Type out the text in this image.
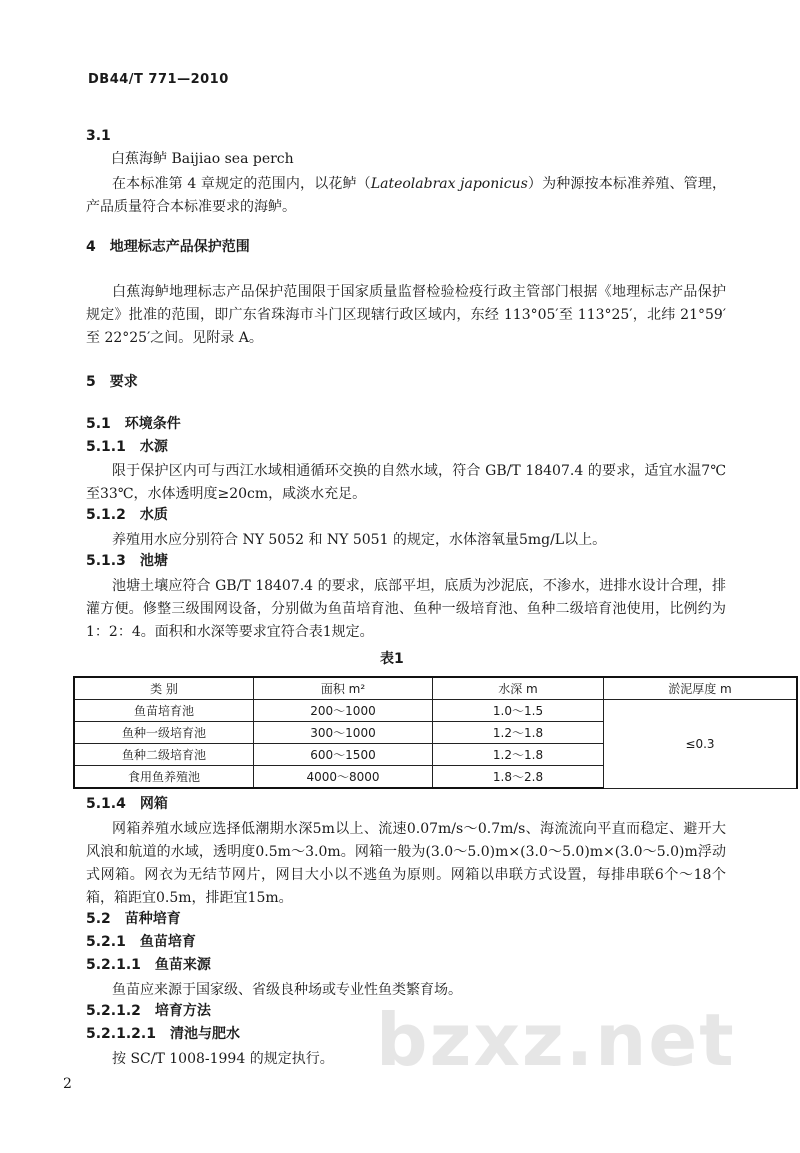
DB44/T 771—2010
3.1
白蕉海鲈 Baijiao sea perch
在本标准第 4 章规定的范围内，以花鲈（Lateolabrax japonicus）为种源按本标准养殖、管理，产品质量符合本标准要求的海鲈。
4　地理标志产品保护范围
白蕉海鲈地理标志产品保护范围限于国家质量监督检验检疫行政主管部门根据《地理标志产品保护规定》批准的范围，即广东省珠海市斗门区现辖行政区域内，东经 113°05′至 113°25′，北纬 21°59′至 22°25′之间。见附录 A。
5　要求
5.1　环境条件
5.1.1　水源
限于保护区内可与西江水域相通循环交换的自然水域，符合 GB/T 18407.4 的要求，适宜水温7℃至33℃，水体透明度≥20cm，咸淡水充足。
5.1.2　水质
养殖用水应分别符合 NY 5052 和 NY 5051 的规定，水体溶氧量5mg/L以上。
5.1.3　池塘
池塘土壤应符合 GB/T 18407.4 的要求，底部平坦，底质为沙泥底，不渗水，进排水设计合理，排灌方便。修整三级围网设备，分别做为鱼苗培育池、鱼种一级培育池、鱼种二级培育池使用，比例约为1：2：4。面积和水深等要求宜符合表1规定。
表1
类 别	面积 m²	水深 m	淤泥厚度 m
鱼苗培育池	200～1000	1.0～1.5	≤0.3
鱼种一级培育池	300～1000	1.2～1.8	
鱼种二级培育池	600～1500	1.2～1.8	
食用鱼养殖池	4000～8000	1.8～2.8	
5.1.4　网箱
网箱养殖水域应选择低潮期水深5m以上、流速0.07m/s～0.7m/s、海流流向平直而稳定、避开大风浪和航道的水域，透明度0.5m～3.0m。网箱一般为(3.0～5.0)m×(3.0～5.0)m×(3.0～5.0)m浮动式网箱。网衣为无结节网片，网目大小以不逃鱼为原则。网箱以串联方式设置，每排串联6个～18个箱，箱距宜0.5m，排距宜15m。
5.2　苗种培育
5.2.1　鱼苗培育
5.2.1.1　鱼苗来源
鱼苗应来源于国家级、省级良种场或专业性鱼类繁育场。
5.2.1.2　培育方法
5.2.1.2.1　清池与肥水
按 SC/T 1008-1994 的规定执行。 bzxz.net
2
